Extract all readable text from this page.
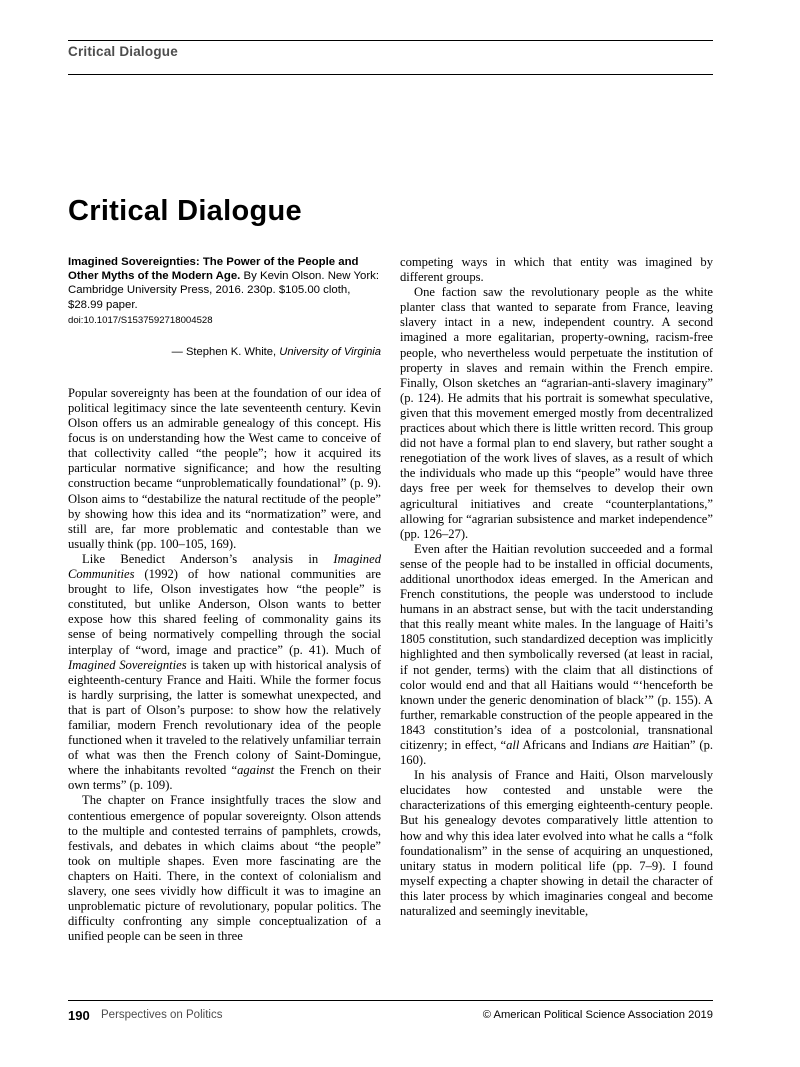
Critical Dialogue
Critical Dialogue
Imagined Sovereignties: The Power of the People and Other Myths of the Modern Age. By Kevin Olson. New York: Cambridge University Press, 2016. 230p. $105.00 cloth, $28.99 paper.
doi:10.1017/S1537592718004528
— Stephen K. White, University of Virginia

Popular sovereignty has been at the foundation of our idea of political legitimacy since the late seventeenth century. Kevin Olson offers us an admirable genealogy of this concept. His focus is on understanding how the West came to conceive of that collectivity called “the people”; how it acquired its particular normative significance; and how the resulting construction became “unproblematically foundational” (p. 9). Olson aims to “destabilize the natural rectitude of the people” by showing how this idea and its “normatization” were, and still are, far more problematic and contestable than we usually think (pp. 100–105, 169).

Like Benedict Anderson’s analysis in Imagined Communities (1992) of how national communities are brought to life, Olson investigates how “the people” is constituted, but unlike Anderson, Olson wants to better expose how this shared feeling of commonality gains its sense of being normatively compelling through the social interplay of “word, image and practice” (p. 41). Much of Imagined Sovereignties is taken up with historical analysis of eighteenth-century France and Haiti. While the former focus is hardly surprising, the latter is somewhat unexpected, and that is part of Olson’s purpose: to show how the relatively familiar, modern French revolutionary idea of the people functioned when it traveled to the relatively unfamiliar terrain of what was then the French colony of Saint-Domingue, where the inhabitants revolted “against the French on their own terms” (p. 109).

The chapter on France insightfully traces the slow and contentious emergence of popular sovereignty. Olson attends to the multiple and contested terrains of pamphlets, crowds, festivals, and debates in which claims about “the people” took on multiple shapes. Even more fascinating are the chapters on Haiti. There, in the context of colonialism and slavery, one sees vividly how difficult it was to imagine an unproblematic picture of revolutionary, popular politics. The difficulty confronting any simple conceptualization of a unified people can be seen in three

competing ways in which that entity was imagined by different groups.

One faction saw the revolutionary people as the white planter class that wanted to separate from France, leaving slavery intact in a new, independent country. A second imagined a more egalitarian, property-owning, racism-free people, who nevertheless would perpetuate the institution of property in slaves and remain within the French empire. Finally, Olson sketches an “agrarian-anti-slavery imaginary” (p. 124). He admits that his portrait is somewhat speculative, given that this movement emerged mostly from decentralized practices about which there is little written record. This group did not have a formal plan to end slavery, but rather sought a renegotiation of the work lives of slaves, as a result of which the individuals who made up this “people” would have three days free per week for themselves to develop their own agricultural initiatives and create “counterplantations,” allowing for “agrarian subsistence and market independence” (pp. 126–27).

Even after the Haitian revolution succeeded and a formal sense of the people had to be installed in official documents, additional unorthodox ideas emerged. In the American and French constitutions, the people was understood to include humans in an abstract sense, but with the tacit understanding that this really meant white males. In the language of Haiti’s 1805 constitution, such standardized deception was implicitly highlighted and then symbolically reversed (at least in racial, if not gender, terms) with the claim that all distinctions of color would end and that all Haitians would “‘henceforth be known under the generic denomination of black’” (p. 155). A further, remarkable construction of the people appeared in the 1843 constitution’s idea of a postcolonial, transnational citizenry; in effect, “all Africans and Indians are Haitian” (p. 160).

In his analysis of France and Haiti, Olson marvelously elucidates how contested and unstable were the characterizations of this emerging eighteenth-century people. But his genealogy devotes comparatively little attention to how and why this idea later evolved into what he calls a “folk foundationalism” in the sense of acquiring an unquestioned, unitary status in modern political life (pp. 7–9). I found myself expecting a chapter showing in detail the character of this later process by which imaginaries congeal and become naturalized and seemingly inevitable,

190 Perspectives on Politics	© American Political Science Association 2019
